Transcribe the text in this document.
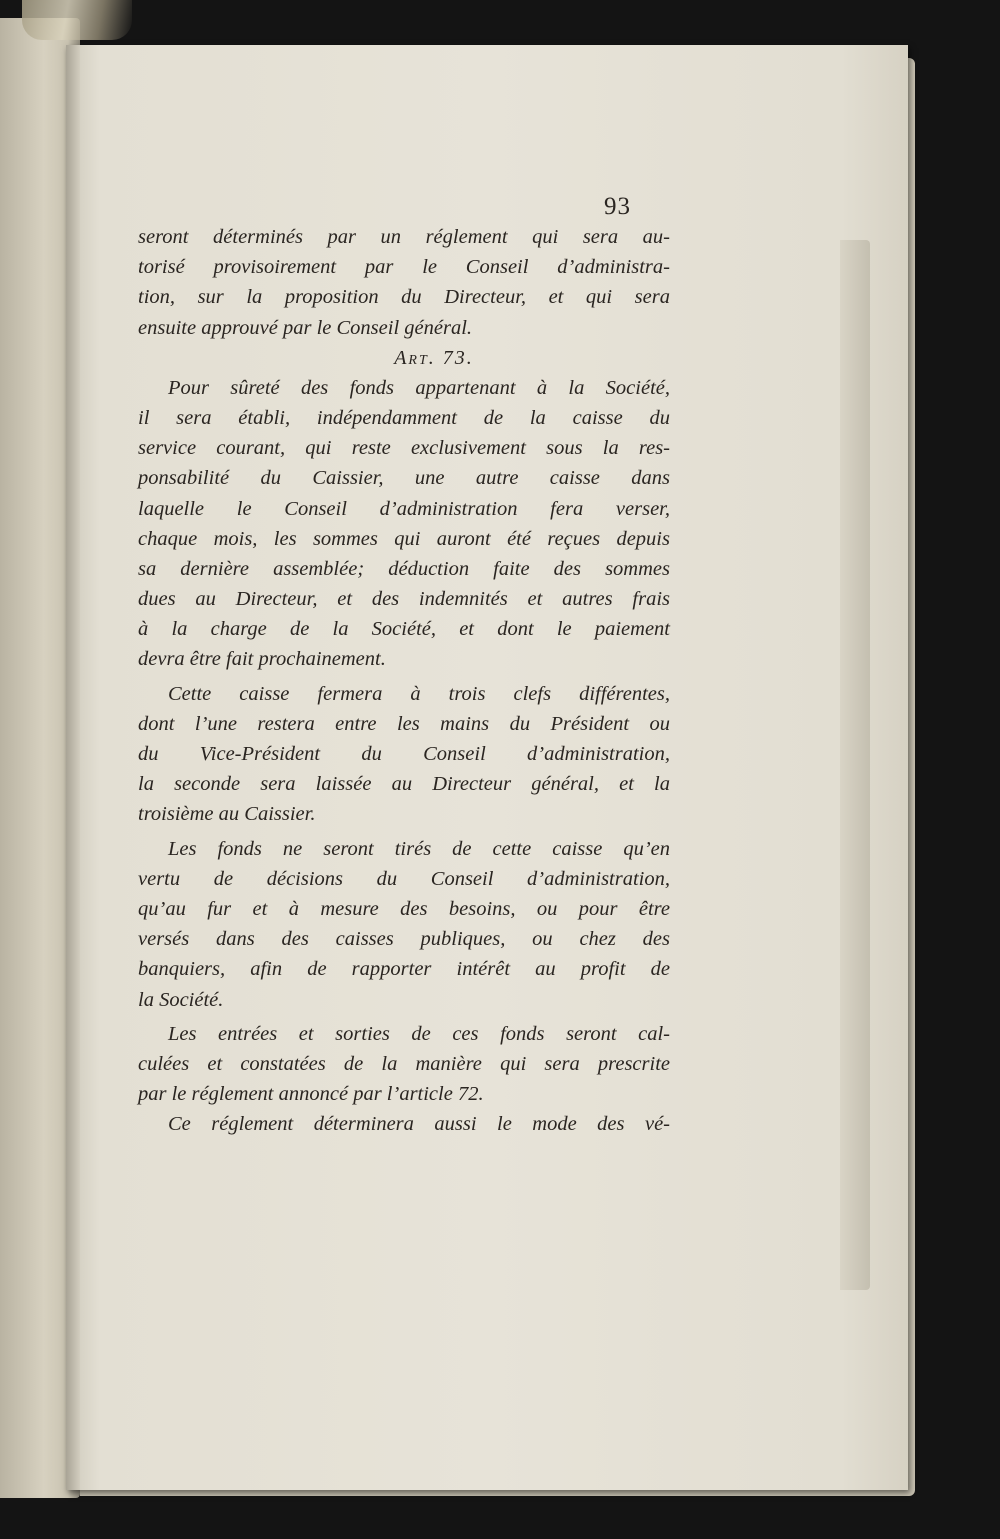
93
seront déterminés par un réglement qui sera au-
torisé provisoirement par le Conseil d’administra-
tion, sur la proposition du Directeur, et qui sera
ensuite approuvé par le Conseil général.
Art. 73.
Pour sûreté des fonds appartenant à la Société,
il sera établi, indépendamment de la caisse du
service courant, qui reste exclusivement sous la res-
ponsabilité du Caissier, une autre caisse dans
laquelle le Conseil d’administration fera verser,
chaque mois, les sommes qui auront été reçues depuis
sa dernière assemblée; déduction faite des sommes
dues au Directeur, et des indemnités et autres frais
à la charge de la Société, et dont le paiement
devra être fait prochainement.
Cette caisse fermera à trois clefs différentes,
dont l’une restera entre les mains du Président ou
du Vice-Président du Conseil d’administration,
la seconde sera laissée au Directeur général, et la
troisième au Caissier.
Les fonds ne seront tirés de cette caisse qu’en
vertu de décisions du Conseil d’administration,
qu’au fur et à mesure des besoins, ou pour être
versés dans des caisses publiques, ou chez des
banquiers, afin de rapporter intérêt au profit de
la Société.
Les entrées et sorties de ces fonds seront cal-
culées et constatées de la manière qui sera prescrite
par le réglement annoncé par l’article 72.
Ce réglement déterminera aussi le mode des vé-
